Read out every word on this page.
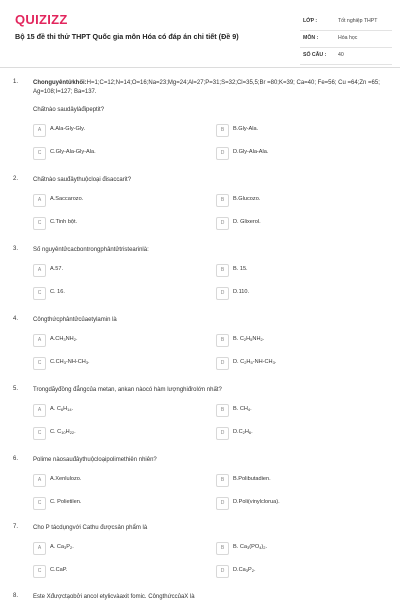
QUIZIZZ
Bộ 15 đề thi thử THPT Quốc gia môn Hóa có đáp án chi tiết (Đề 9)
LỚP :	Tốt nghiệp THPT
MÔN :	Hóa học
SỐ CÂU : 40
1. Chonguyêntửkhối:H=1;C=12;N=14;O=16;Na=23;Mg=24;Al=27;P=31;S=32;Cl=35,5;Br =80;K=39; Ca=40; Fe=56; Cu =64;Zn =65; Ag=108;I=127; Ba=137.
Chấtnào saudâylàđipeptit?
A	A.Ala-Gly-Gly.	B	B.Gly-Ala.
C	C.Gly-Ala-Gly-Ala.	D	D.Gly-Ala-Ala.
2. Chấtnào sauđâythuộcloại đisaccarit?
A	A.Saccarozo.	B	B.Glucozo.
C	C.Tinh bột.	D	D. Glixerol.
3. Số nguyêntửcacbontrongphântửtristearinlà:
A	A.57.	B	B. 15.
C	C. 16.	D	D.110.
4. Côngthứcphântửcủaetylamin là
A	$A.CH_3NH_2$.	B	B. $C_2H_5NH_2$.
C	$C.CH_3-NH-CH_3$.	D	D. $C_2H_5-NH-CH_3$.
5. Trongdãyđồng đẳngcủa metan, ankan nàocó hàm lượnghiđrolớn nhất?
A	A. $C_6H_{14}$.	B	B. $CH_4$.
C	C. $C_{10}H_{22}$.	D	$D.C_2H_6$.
6. Polime nàosauđâythuộcloạipolimethiên nhiên?
A	A.Xenlulozo.	B	B.Polibutadien.
C	C. Polietilen.	D	D.Poli(vinylclorua).
7. Cho P tácdụngvới Cathu đượcsản phẩm là
A	A. $Ca_3P_2$.	B	B. $Ca_3(PO_4)_2$.
C	C.CaP.	D	$D.Ca_3P_2$.
8. Este Xđượctạobởi ancol etylicvàaxit fomic. CôngthứccủaX là
